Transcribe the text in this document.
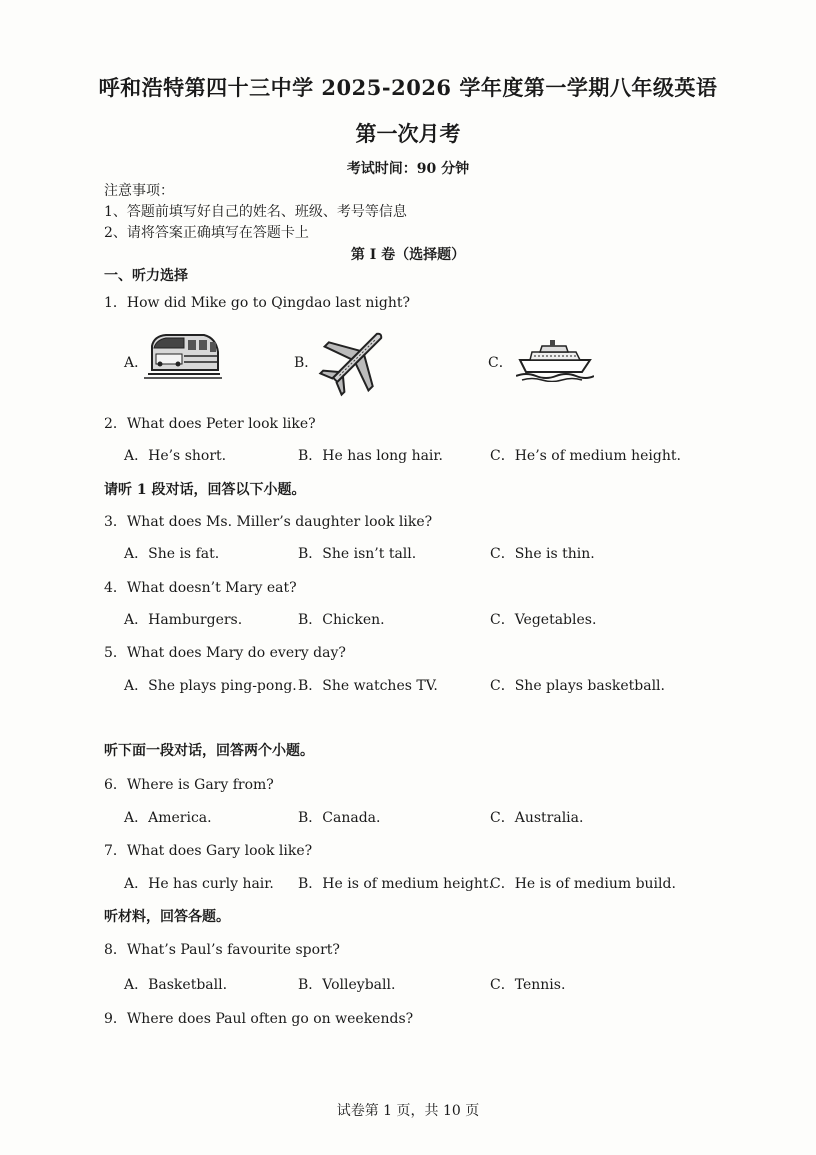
呼和浩特第四十三中学 2025-2026 学年度第一学期八年级英语
第一次月考
考试时间：90 分钟
注意事项：
1、答题前填写好自己的姓名、班级、考号等信息
2、请将答案正确填写在答题卡上
第 I 卷（选择题）
一、听力选择
1．How did Mike go to Qingdao last night?
A．	B．	C．
2．What does Peter look like?
A．He’s short.	B．He has long hair.	C．He’s of medium height.
请听 1 段对话，回答以下小题。
3．What does Ms. Miller’s daughter look like?
A．She is fat.	B．She isn’t tall.	C．She is thin.
4．What doesn’t Mary eat?
A．Hamburgers.	B．Chicken.	C．Vegetables.
5．What does Mary do every day?
A．She plays ping-pong. B．She watches TV.	C．She plays basketball.
听下面一段对话，回答两个小题。
6．Where is Gary from?
A．America.	B．Canada.	C．Australia.
7．What does Gary look like?
A．He has curly hair. B．He is of medium height.
C．He is of medium build.
听材料，回答各题。
8．What’s Paul’s favourite sport?
A．Basketball.	B．Volleyball.	C．Tennis.
9．Where does Paul often go on weekends?
试卷第 1 页，共 10 页
